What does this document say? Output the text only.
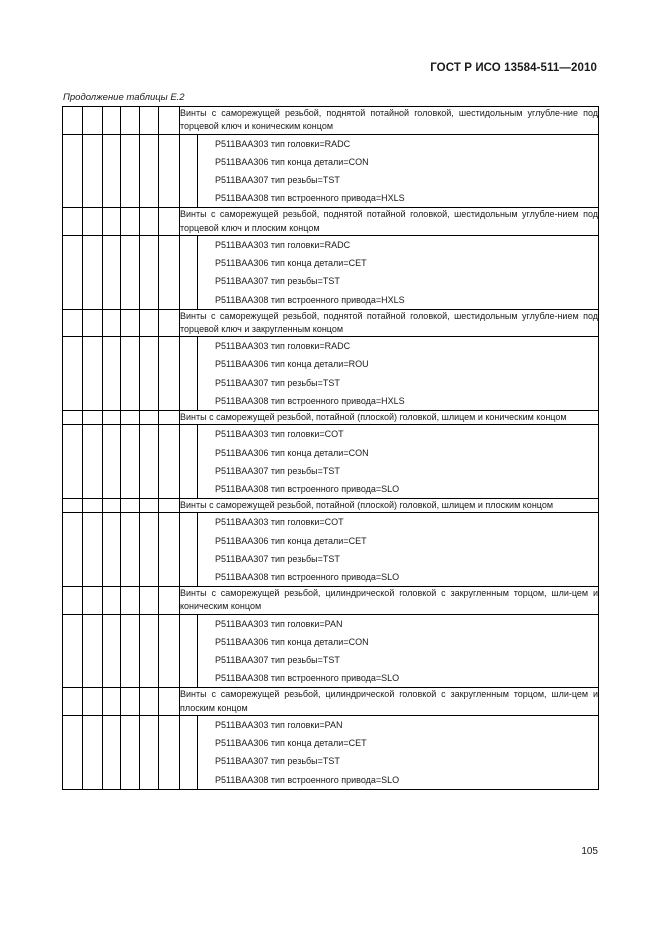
ГОСТ Р ИСО 13584-511—2010
Продолжение таблицы Е.2
						Винты с саморежущей резьбой, поднятой потайной головкой, шестидольным углубле-ние под торцевой ключ и коническим концом	

							P511BAA303 тип головки=RADC
P511BAA306 тип конца детали=CON
P511BAA307 тип резьбы=TST
P511BAA308 тип встроенного привода=HXLS

						Винты с саморежущей резьбой, поднятой потайной головкой, шестидольным углубле-нием под торцевой ключ и плоским концом	

							P511BAA303 тип головки=RADC
P511BAA306 тип конца детали=CET
P511BAA307 тип резьбы=TST
P511BAA308 тип встроенного привода=HXLS

						Винты с саморежущей резьбой, поднятой потайной головкой, шестидольным углубле-нием под торцевой ключ и закругленным концом	

							P511BAA303 тип головки=RADC
P511BAA306 тип конца детали=ROU
P511BAA307 тип резьбы=TST
P511BAA308 тип встроенного привода=HXLS

						Винты с саморежущей резьбой, потайной (плоской) головкой, шлицем и коническим концом	

							P511BAA303 тип головки=COT
P511BAA306 тип конца детали=CON
P511BAA307 тип резьбы=TST
P511BAA308 тип встроенного привода=SLO

						Винты с саморежущей резьбой, потайной (плоской) головкой, шлицем и плоским концом	

							P511BAA303 тип головки=COT
P511BAA306 тип конца детали=CET
P511BAA307 тип резьбы=TST
P511BAA308 тип встроенного привода=SLO

						Винты с саморежущей резьбой, цилиндрической головкой с закругленным торцом, шли-цем и коническим концом	

							P511BAA303 тип головки=PAN
P511BAA306 тип конца детали=CON
P511BAA307 тип резьбы=TST
P511BAA308 тип встроенного привода=SLO

						Винты с саморежущей резьбой, цилиндрической головкой с закругленным торцом, шли-цем и плоским концом	

							P511BAA303 тип головки=PAN
P511BAA306 тип конца детали=CET
P511BAA307 тип резьбы=TST
P511BAA308 тип встроенного привода=SLO
105
